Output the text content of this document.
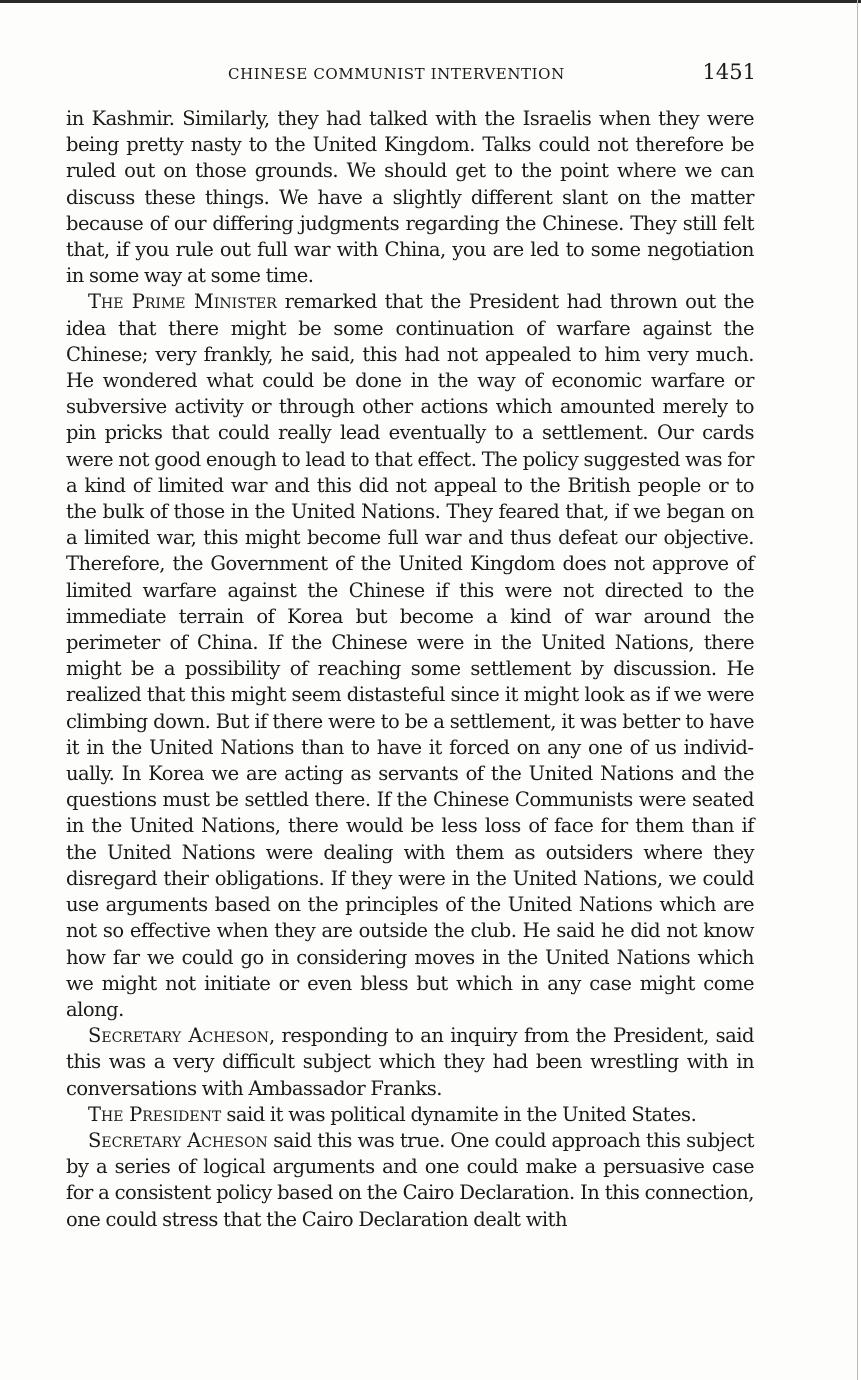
CHINESE COMMUNIST INTERVENTION	1451

in Kashmir. Similarly, they had talked with the Israelis when they were being pretty nasty to the United Kingdom. Talks could not therefore be ruled out on those grounds. We should get to the point where we can discuss these things. We have a slightly different slant on the matter because of our differing judgments regarding the Chinese. They still felt that, if you rule out full war with China, you are led to some negotiation in some way at some time.

The Prime Minister remarked that the President had thrown out the idea that there might be some continuation of warfare against the Chinese; very frankly, he said, this had not appealed to him very much. He wondered what could be done in the way of economic warfare or subversive activity or through other actions which amounted merely to pin pricks that could really lead eventually to a settlement. Our cards were not good enough to lead to that effect. The policy suggested was for a kind of limited war and this did not appeal to the British people or to the bulk of those in the United Nations. They feared that, if we began on a limited war, this might become full war and thus defeat our objective. Therefore, the Government of the United Kingdom does not approve of limited warfare against the Chinese if this were not directed to the immediate terrain of Korea but become a kind of war around the perimeter of China. If the Chinese were in the United Nations, there might be a possibility of reaching some settlement by discussion. He realized that this might seem distasteful since it might look as if we were climbing down. But if there were to be a settlement, it was better to have it in the United Nations than to have it forced on any one of us individually. In Korea we are acting as servants of the United Nations and the questions must be settled there. If the Chinese Communists were seated in the United Nations, there would be less loss of face for them than if the United Nations were dealing with them as outsiders where they disregard their obligations. If they were in the United Nations, we could use arguments based on the principles of the United Nations which are not so effective when they are outside the club. He said he did not know how far we could go in considering moves in the United Nations which we might not initiate or even bless but which in any case might come along.

Secretary Acheson, responding to an inquiry from the President, said this was a very difficult subject which they had been wrestling with in conversations with Ambassador Franks.

The President said it was political dynamite in the United States.

Secretary Acheson said this was true. One could approach this subject by a series of logical arguments and one could make a persuasive case for a consistent policy based on the Cairo Declaration. In this connection, one could stress that the Cairo Declaration dealt with
